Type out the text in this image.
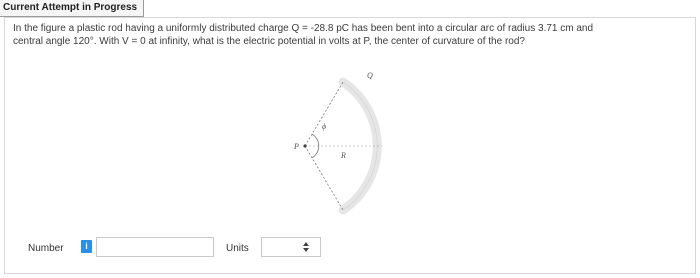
Current Attempt in Progress

In the figure a plastic rod having a uniformly distributed charge Q = -28.8 pC has been bent into a circular arc of radius 3.71 cm and
central angle 120°. With V = 0 at infinity, what is the electric potential in volts at P, the center of curvature of the rod?

Q
P
ϕ
R
Number	i	Units
